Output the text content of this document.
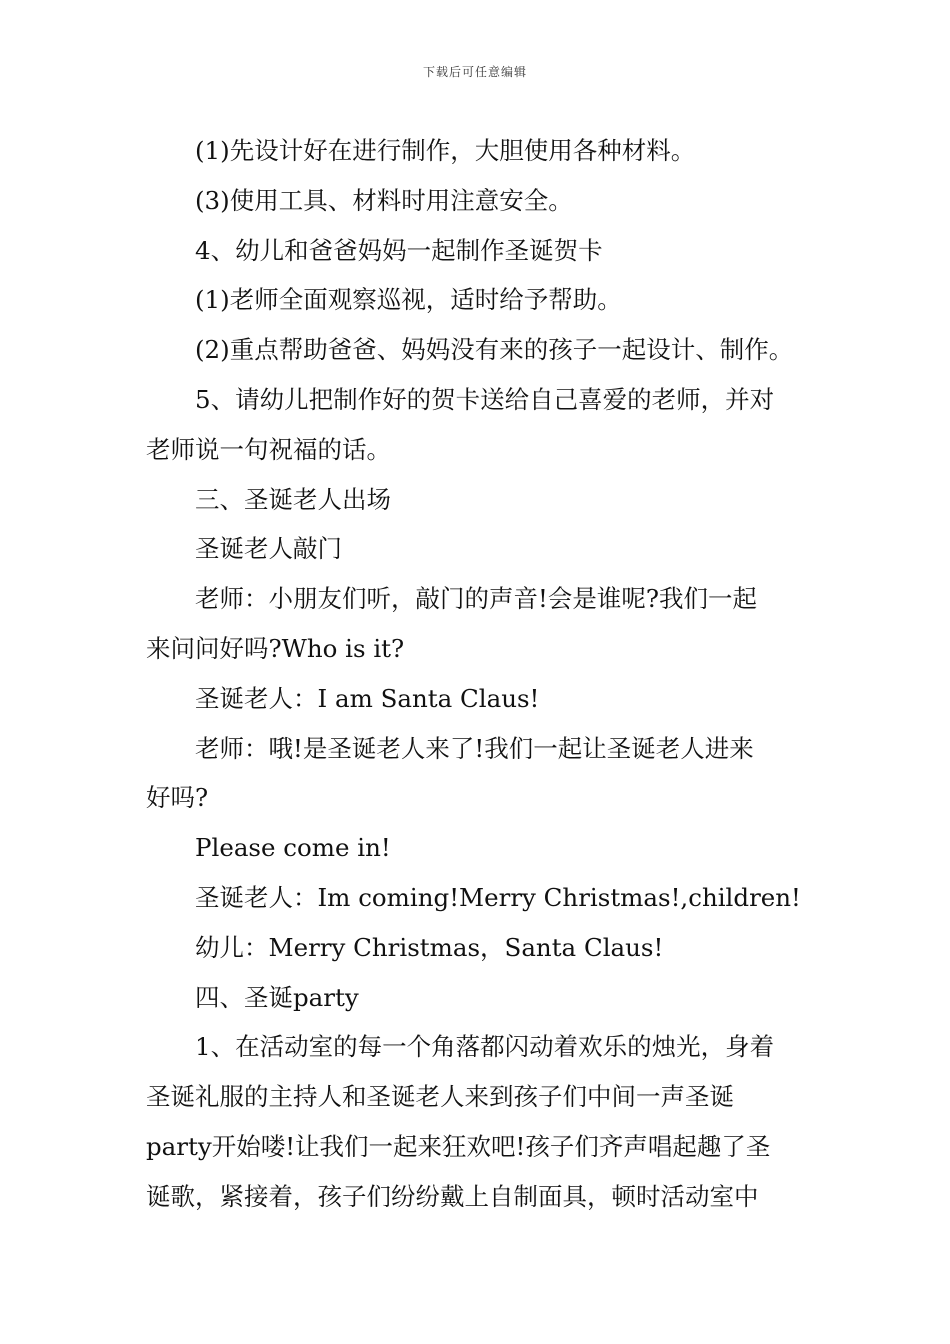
下载后可任意编辑

(1)先设计好在进行制作，大胆使用各种材料。

(3)使用工具、材料时用注意安全。

4、幼儿和爸爸妈妈一起制作圣诞贺卡

(1)老师全面观察巡视，适时给予帮助。

(2)重点帮助爸爸、妈妈没有来的孩子一起设计、制作。

5、请幼儿把制作好的贺卡送给自己喜爱的老师，并对

老师说一句祝福的话。

三、圣诞老人出场

圣诞老人敲门

老师：小朋友们听，敲门的声音!会是谁呢?我们一起

来问问好吗?Who is it?

圣诞老人：I am Santa Claus!

老师：哦!是圣诞老人来了!我们一起让圣诞老人进来

好吗?

Please come in!

圣诞老人：Im coming!Merry Christmas!,children!

幼儿：Merry Christmas，Santa Claus!

四、圣诞party

1、在活动室的每一个角落都闪动着欢乐的烛光，身着

圣诞礼服的主持人和圣诞老人来到孩子们中间一声圣诞

party开始喽!让我们一起来狂欢吧!孩子们齐声唱起趣了圣

诞歌，紧接着，孩子们纷纷戴上自制面具，顿时活动室中
